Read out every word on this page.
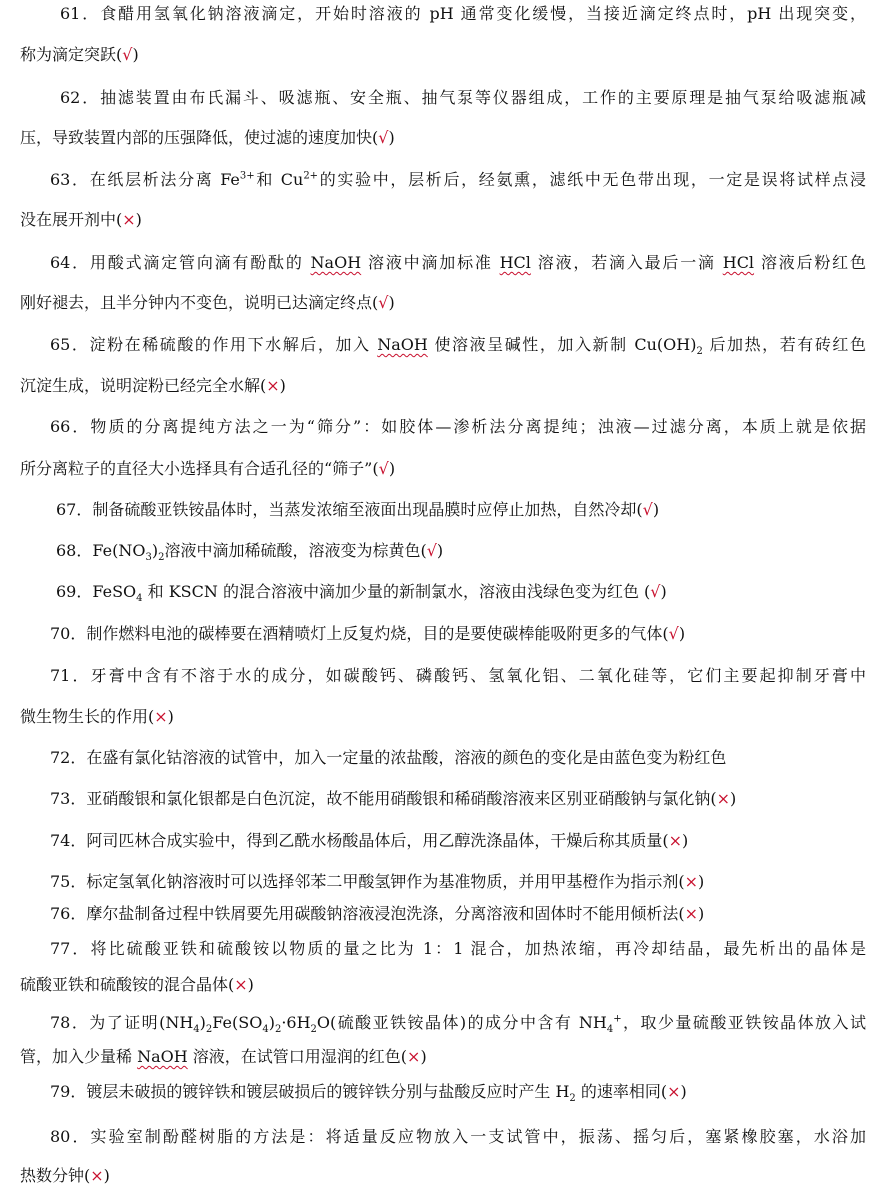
61．食醋用氢氧化钠溶液滴定，开始时溶液的 pH 通常变化缓慢，当接近滴定终点时，pH 出现突变，
称为滴定突跃(√)
62．抽滤装置由布氏漏斗、吸滤瓶、安全瓶、抽气泵等仪器组成，工作的主要原理是抽气泵给吸滤瓶减
压，导致装置内部的压强降低，使过滤的速度加快(√)
63．在纸层析法分离 $Fe^{3+}$和 $Cu^{2+}$的实验中，层析后，经氨熏，滤纸中无色带出现，一定是误将试样点浸
没在展开剂中(×)
64．用酸式滴定管向滴有酚酞的 NaOH 溶液中滴加标准 HCl 溶液，若滴入最后一滴 HCl 溶液后粉红色
刚好褪去，且半分钟内不变色，说明已达滴定终点(√)
65．淀粉在稀硫酸的作用下水解后，加入 NaOH 使溶液呈碱性，加入新制 $Cu(OH)_2$ 后加热，若有砖红色
沉淀生成，说明淀粉已经完全水解(×)
66．物质的分离提纯方法之一为“筛分”：如胶体—渗析法分离提纯；浊液—过滤分离，本质上就是依据
所分离粒子的直径大小选择具有合适孔径的“筛子”(√)
67．制备硫酸亚铁铵晶体时，当蒸发浓缩至液面出现晶膜时应停止加热，自然冷却(√)
68．$Fe(NO_3)_2$溶液中滴加稀硫酸，溶液变为棕黄色(√)
69．FeSO$_4$ 和 KSCN 的混合溶液中滴加少量的新制氯水，溶液由浅绿色变为红色 (√)
70．制作燃料电池的碳棒要在酒精喷灯上反复灼烧，目的是要使碳棒能吸附更多的气体(√)
71．牙膏中含有不溶于水的成分，如碳酸钙、磷酸钙、氢氧化铝、二氧化硅等，它们主要起抑制牙膏中
微生物生长的作用(×)
72．在盛有氯化钴溶液的试管中，加入一定量的浓盐酸，溶液的颜色的变化是由蓝色变为粉红色
73．亚硝酸银和氯化银都是白色沉淀，故不能用硝酸银和稀硝酸溶液来区别亚硝酸钠与氯化钠(×)
74．阿司匹林合成实验中，得到乙酰水杨酸晶体后，用乙醇洗涤晶体，干燥后称其质量(×)
75．标定氢氧化钠溶液时可以选择邻苯二甲酸氢钾作为基准物质，并用甲基橙作为指示剂(×)
76．摩尔盐制备过程中铁屑要先用碳酸钠溶液浸泡洗涤，分离溶液和固体时不能用倾析法(×)
77．将比硫酸亚铁和硫酸铵以物质的量之比为 1：1 混合，加热浓缩，再冷却结晶，最先析出的晶体是
硫酸亚铁和硫酸铵的混合晶体(×)
78．为了证明$(NH_4)_2Fe(SO_4)_2\cdot 6H_2O$(硫酸亚铁铵晶体)的成分中含有 $NH_4^+$，取少量硫酸亚铁铵晶体放入试
管，加入少量稀 NaOH 溶液，在试管口用湿润的红色(×)
79．镀层未破损的镀锌铁和镀层破损后的镀锌铁分别与盐酸反应时产生 $H_2$ 的速率相同(×)
80．实验室制酚醛树脂的方法是：将适量反应物放入一支试管中，振荡、摇匀后，塞紧橡胶塞，水浴加
热数分钟(×)
